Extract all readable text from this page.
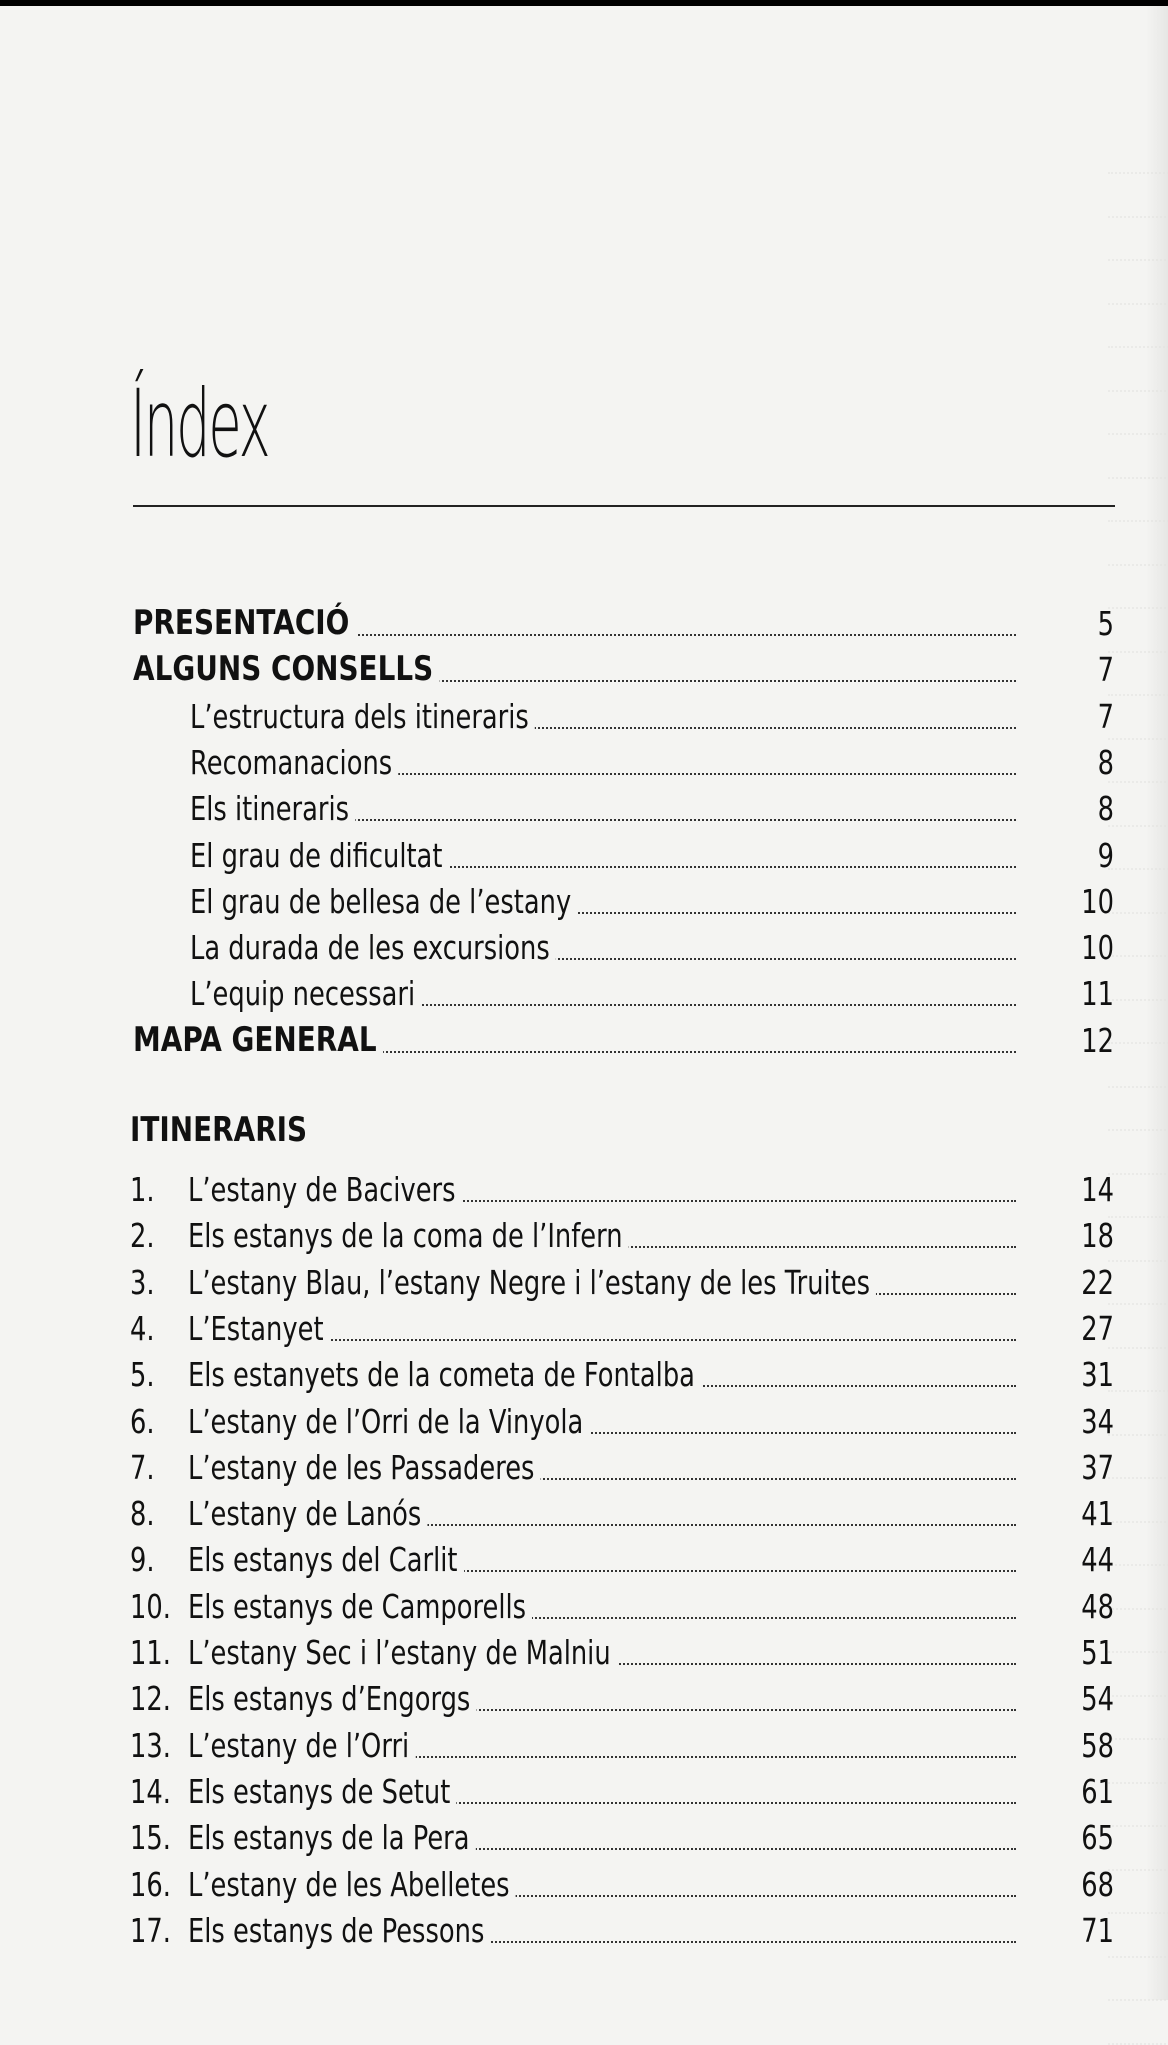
Índex
PRESENTACIÓ	5
ALGUNS CONSELLS	7
L’estructura dels itineraris	7
Recomanacions	8
Els itineraris	8
El grau de dificultat	9
El grau de bellesa de l’estany	10
La durada de les excursions	10
L’equip necessari	11
MAPA GENERAL	12
ITINERARIS
1. L’estany de Bacivers	14
2. Els estanys de la coma de l’Infern	18
3. L’estany Blau, l’estany Negre i l’estany de les Truites	22
4. L’Estanyet	27
5. Els estanyets de la cometa de Fontalba	31
6. L’estany de l’Orri de la Vinyola	34
7. L’estany de les Passaderes	37
8. L’estany de Lanós	41
9. Els estanys del Carlit	44
10. Els estanys de Camporells	48
11. L’estany Sec i l’estany de Malniu	51
12. Els estanys d’Engorgs	54
13. L’estany de l’Orri	58
14. Els estanys de Setut	61
15. Els estanys de la Pera	65
16. L’estany de les Abelletes	68
17. Els estanys de Pessons	71
